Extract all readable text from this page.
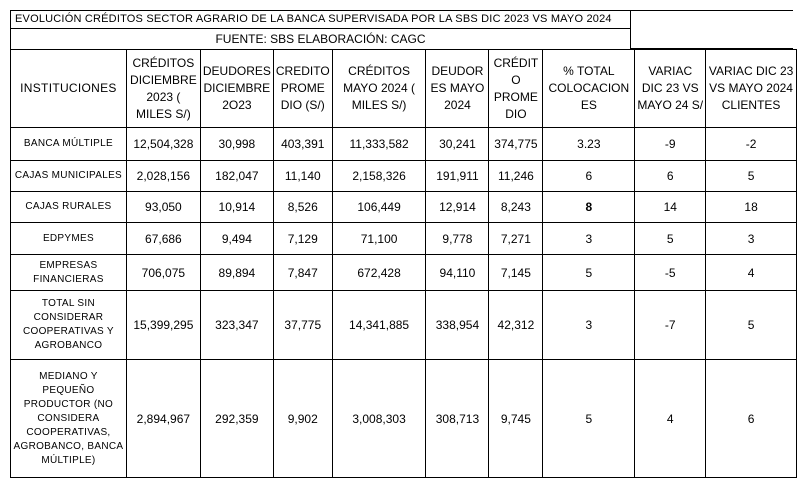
EVOLUCIÓN CRÉDITOS SECTOR AGRARIO DE LA BANCA SUPERVISADA POR LA SBS DIC 2023 VS MAYO 2024
FUENTE: SBS ELABORACIÓN: CAGC
INSTITUCIONES	CRÉDITOS DICIEMBRE 2023 ( MILES S/)	DEUDORES DICIEMBRE 2O23	CREDITO PROME DIO (S/)	CRÉDITOS MAYO 2024 ( MILES S/)	DEUDOR ES MAYO 2024	CRÉDIT O PROME DIO	% TOTAL COLOCACION ES	VARIAC DIC 23 VS MAYO 24 S/	VARIAC DIC 23 VS MAYO 2024 CLIENTES
BANCA MÚLTIPLE	12,504,328	30,998	403,391	11,333,582	30,241	374,775	3.23	-9	-2
CAJAS MUNICIPALES	2,028,156	182,047	11,140	2,158,326	191,911	11,246	6	6	5
CAJAS RURALES	93,050	10,914	8,526	106,449	12,914	8,243	8	14	18
EDPYMES	67,686	9,494	7,129	71,100	9,778	7,271	3	5	3
EMPRESAS FINANCIERAS	706,075	89,894	7,847	672,428	94,110	7,145	5	-5	4
TOTAL SIN CONSIDERAR COOPERATIVAS Y AGROBANCO	15,399,295	323,347	37,775	14,341,885	338,954	42,312	3	-7	5
MEDIANO Y PEQUEÑO PRODUCTOR (NO CONSIDERA COOPERATIVAS, AGROBANCO, BANCA MÚLTIPLE)	2,894,967	292,359	9,902	3,008,303	308,713	9,745	5	4	6
